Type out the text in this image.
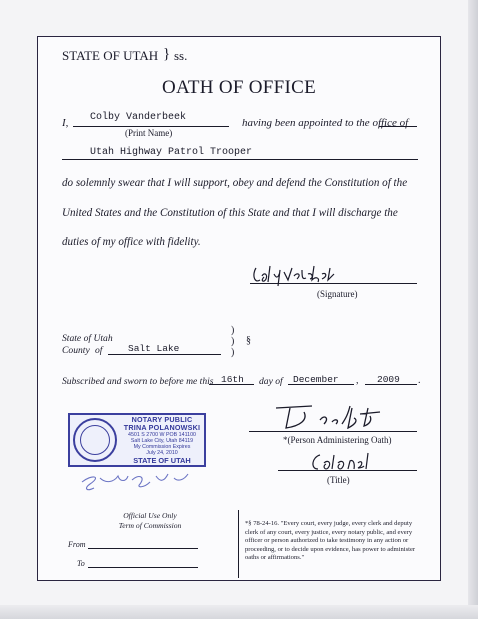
STATE OF UTAH } ss.
OATH OF OFFICE
I, Colby Vanderbeek
(Print Name)
having been appointed to the office of
Utah Highway Patrol Trooper
do solemnly swear that I will support, obey and defend the Constitution of the
United States and the Constitution of this State and that I will discharge the
duties of my office with fidelity.
(Signature)
State of Utah
County of	Salt Lake
)
)
)
§
Subscribed and sworn to before me this 16th day of December , 2009 .
NOTARY PUBLIC
TRINA POLANOWSKI
4501 S 2700 W POB 141100
Salt Lake City, Utah 84119
My Commission Expires
July 24, 2010
STATE OF UTAH
*(Person Administering Oath)
(Title)
Official Use Only
Term of Commission
From
To
*§ 78-24-16. "Every court, every judge, every clerk and deputy clerk of any court, every justice, every notary public, and every officer or person authorized to take testimony in any action or proceeding, or to decide upon evidence, has power to administer oaths or affirmations."
